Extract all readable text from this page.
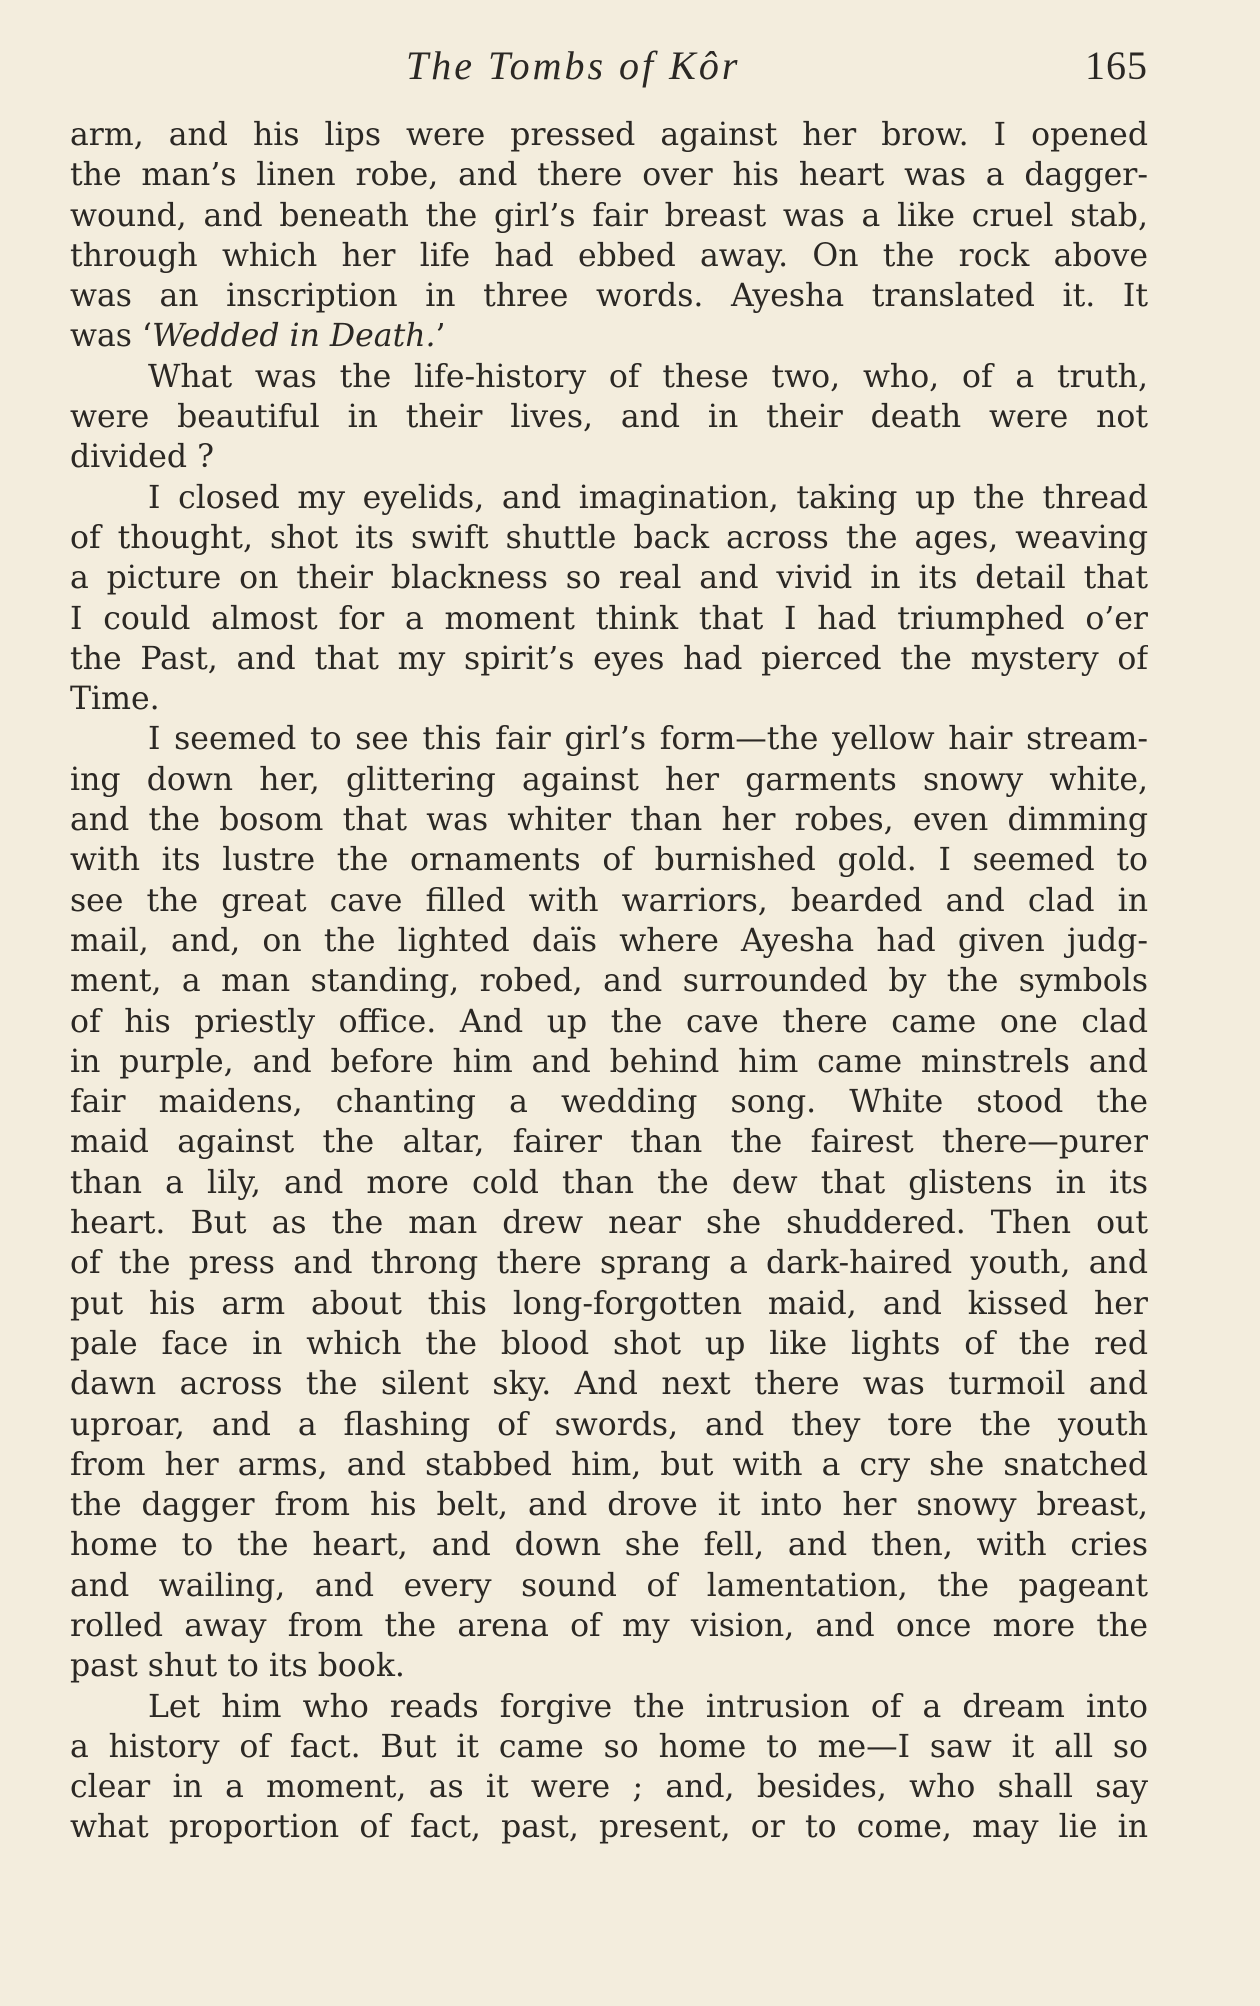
The Tombs of Kôr	165
arm, and his lips were pressed against her brow. I opened
the man’s linen robe, and there over his heart was a dagger-
wound, and beneath the girl’s fair breast was a like cruel stab,
through which her life had ebbed away. On the rock above
was an inscription in three words. Ayesha translated it. It
was ‘Wedded in Death.’
What was the life-history of these two, who, of a truth,
were beautiful in their lives, and in their death were not
divided ?
I closed my eyelids, and imagination, taking up the thread
of thought, shot its swift shuttle back across the ages, weaving
a picture on their blackness so real and vivid in its detail that
I could almost for a moment think that I had triumphed o’er
the Past, and that my spirit’s eyes had pierced the mystery of
Time.
I seemed to see this fair girl’s form—the yellow hair stream-
ing down her, glittering against her garments snowy white,
and the bosom that was whiter than her robes, even dimming
with its lustre the ornaments of burnished gold. I seemed to
see the great cave filled with warriors, bearded and clad in
mail, and, on the lighted daïs where Ayesha had given judg-
ment, a man standing, robed, and surrounded by the symbols
of his priestly office. And up the cave there came one clad
in purple, and before him and behind him came minstrels and
fair maidens, chanting a wedding song. White stood the
maid against the altar, fairer than the fairest there—purer
than a lily, and more cold than the dew that glistens in its
heart. But as the man drew near she shuddered. Then out
of the press and throng there sprang a dark-haired youth, and
put his arm about this long-forgotten maid, and kissed her
pale face in which the blood shot up like lights of the red
dawn across the silent sky. And next there was turmoil and
uproar, and a flashing of swords, and they tore the youth
from her arms, and stabbed him, but with a cry she snatched
the dagger from his belt, and drove it into her snowy breast,
home to the heart, and down she fell, and then, with cries
and wailing, and every sound of lamentation, the pageant
rolled away from the arena of my vision, and once more the
past shut to its book.
Let him who reads forgive the intrusion of a dream into
a history of fact. But it came so home to me—I saw it all so
clear in a moment, as it were ; and, besides, who shall say
what proportion of fact, past, present, or to come, may lie in
